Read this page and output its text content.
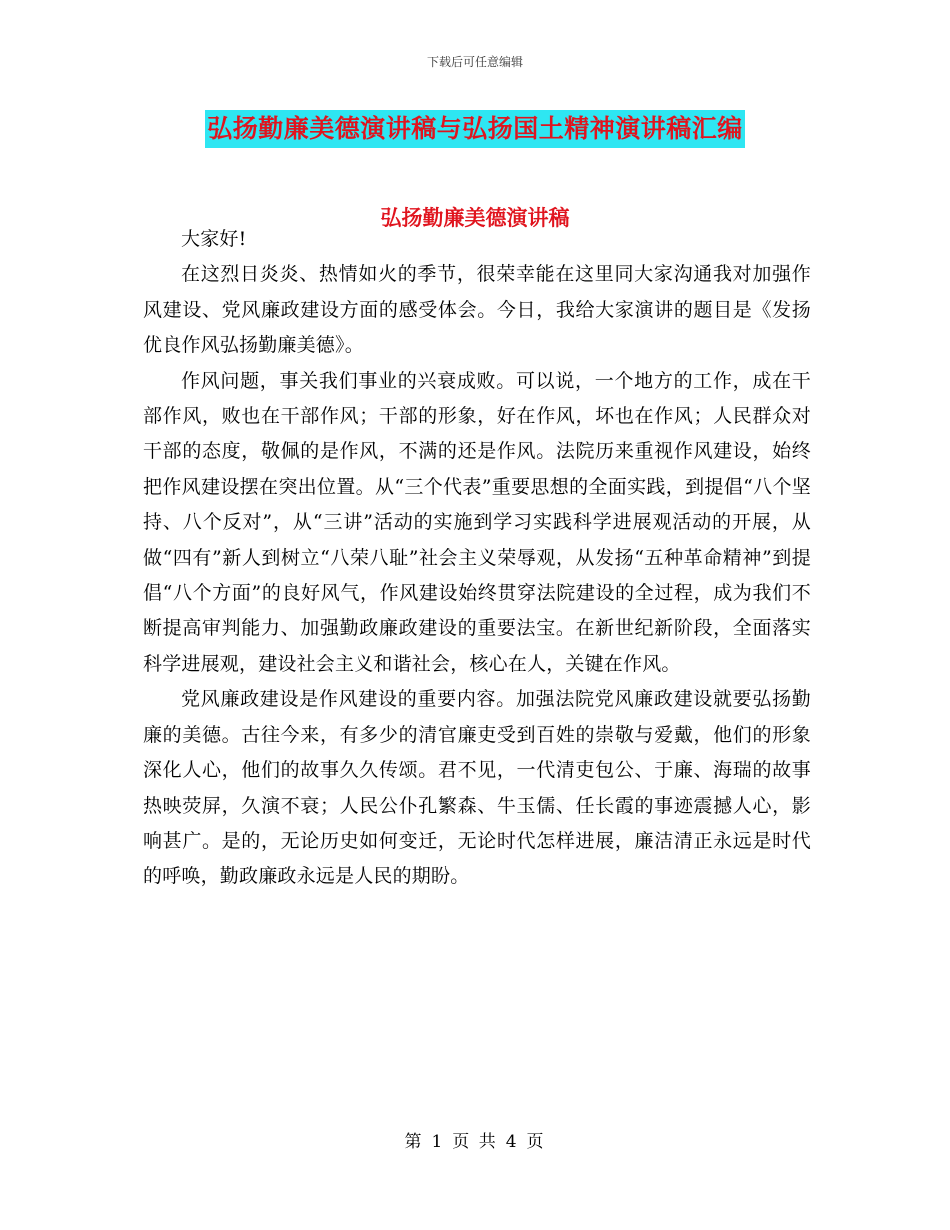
下载后可任意编辑
弘扬勤廉美德演讲稿与弘扬国土精神演讲稿汇编
弘扬勤廉美德演讲稿

大家好!

在这烈日炎炎、热情如火的季节，很荣幸能在这里同大家沟通我对加强作风建设、党风廉政建设方面的感受体会。今日，我给大家演讲的题目是《发扬优良作风弘扬勤廉美德》。

作风问题，事关我们事业的兴衰成败。可以说，一个地方的工作，成在干部作风，败也在干部作风；干部的形象，好在作风，坏也在作风；人民群众对干部的态度，敬佩的是作风，不满的还是作风。法院历来重视作风建设，始终把作风建设摆在突出位置。从“三个代表”重要思想的全面实践，到提倡“八个坚持、八个反对”，从“三讲”活动的实施到学习实践科学进展观活动的开展，从做“四有”新人到树立“八荣八耻”社会主义荣辱观，从发扬“五种革命精神”到提倡“八个方面”的良好风气，作风建设始终贯穿法院建设的全过程，成为我们不断提高审判能力、加强勤政廉政建设的重要法宝。在新世纪新阶段，全面落实科学进展观，建设社会主义和谐社会，核心在人，关键在作风。

党风廉政建设是作风建设的重要内容。加强法院党风廉政建设就要弘扬勤廉的美德。古往今来，有多少的清官廉吏受到百姓的崇敬与爱戴，他们的形象深化人心，他们的故事久久传颂。君不见，一代清吏包公、于廉、海瑞的故事热映荧屏，久演不衰；人民公仆孔繁森、牛玉儒、任长霞的事迹震撼人心，影响甚广。是的，无论历史如何变迁，无论时代怎样进展，廉洁清正永远是时代的呼唤，勤政廉政永远是人民的期盼。

第 1 页 共 4 页
